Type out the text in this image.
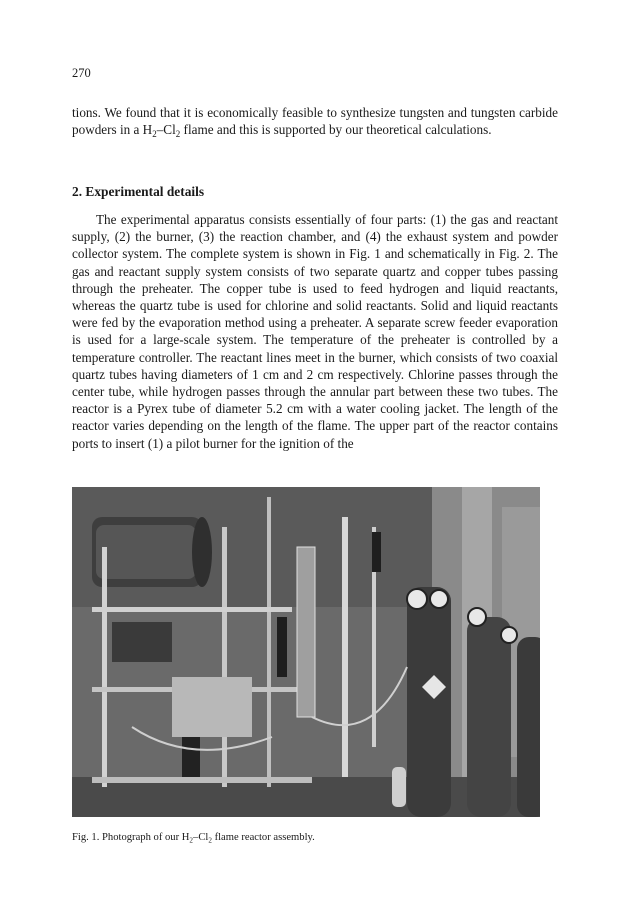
270

tions. We found that it is economically feasible to synthesize tungsten and tungsten carbide powders in a $H_2-Cl_2$ flame and this is supported by our theoretical calculations.

2. Experimental details

The experimental apparatus consists essentially of four parts: (1) the gas and reactant supply, (2) the burner, (3) the reaction chamber, and (4) the exhaust system and powder collector system. The complete system is shown in Fig. 1 and schematically in Fig. 2. The gas and reactant supply system consists of two separate quartz and copper tubes passing through the preheater. The copper tube is used to feed hydrogen and liquid reactants, whereas the quartz tube is used for chlorine and solid reactants. Solid and liquid reactants were fed by the evaporation method using a preheater. A separate screw feeder evaporation is used for a large-scale system. The temperature of the preheater is controlled by a temperature controller. The reactant lines meet in the burner, which consists of two coaxial quartz tubes having diameters of 1 cm and 2 cm respectively. Chlorine passes through the center tube, while hydrogen passes through the annular part between these two tubes. The reactor is a Pyrex tube of diameter 5.2 cm with a water cooling jacket. The length of the reactor varies depending on the length of the flame. The upper part of the reactor contains ports to insert (1) a pilot burner for the ignition of the

Fig. 1. Photograph of our $H_2-Cl_2$ flame reactor assembly.
